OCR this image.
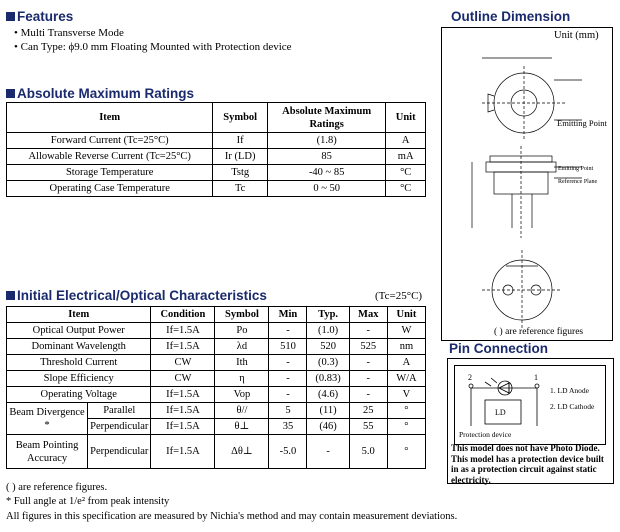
Features
• Multi Transverse Mode
• Can Type: ϕ9.0 mm Floating Mounted with Protection device
Absolute Maximum Ratings
Item	Symbol	Absolute Maximum Ratings	Unit
Forward Current (Tc=25°C)	If	(1.8)	A
Allowable Reverse Current (Tc=25°C)	Ir (LD)	85	mA
Storage Temperature	Tstg	-40 ~ 85	°C
Operating Case Temperature	Tc	0 ~ 50	°C
Initial Electrical/Optical Characteristics	(Tc=25°C)
Item		Condition	Symbol	Min	Typ.	Max	Unit
Optical Output Power		If=1.5A	Po	-	(1.0)	-	W
Dominant Wavelength		If=1.5A	λd	510	520	525	nm
Threshold Current		CW	Ith	-	(0.3)	-	A
Slope Efficiency		CW	η	-	(0.83)	-	W/A
Operating Voltage		If=1.5A	Vop	-	(4.6)	-	V
Beam Divergence *	Parallel	If=1.5A	θ//	5	(11)	25	°
	Perpendicular	If=1.5A	θ⊥	35	(46)	55	°
Beam Pointing Accuracy	Perpendicular	If=1.5A	Δθ⊥	-5.0	-	5.0	°
( ) are reference figures.
* Full angle at 1/e² from peak intensity
All figures in this specification are measured by Nichia's method and may contain measurement deviations.
Outline Dimension
Unit (mm)
Emitting Point
Emitting Point
Reference Plane
( ) are reference figures
Pin Connection
2	1
LD
1. LD Anode
2. LD Cathode
Protection device
This model does not have Photo Diode. This model has a protection device built in as a protection circuit against static electricity.
